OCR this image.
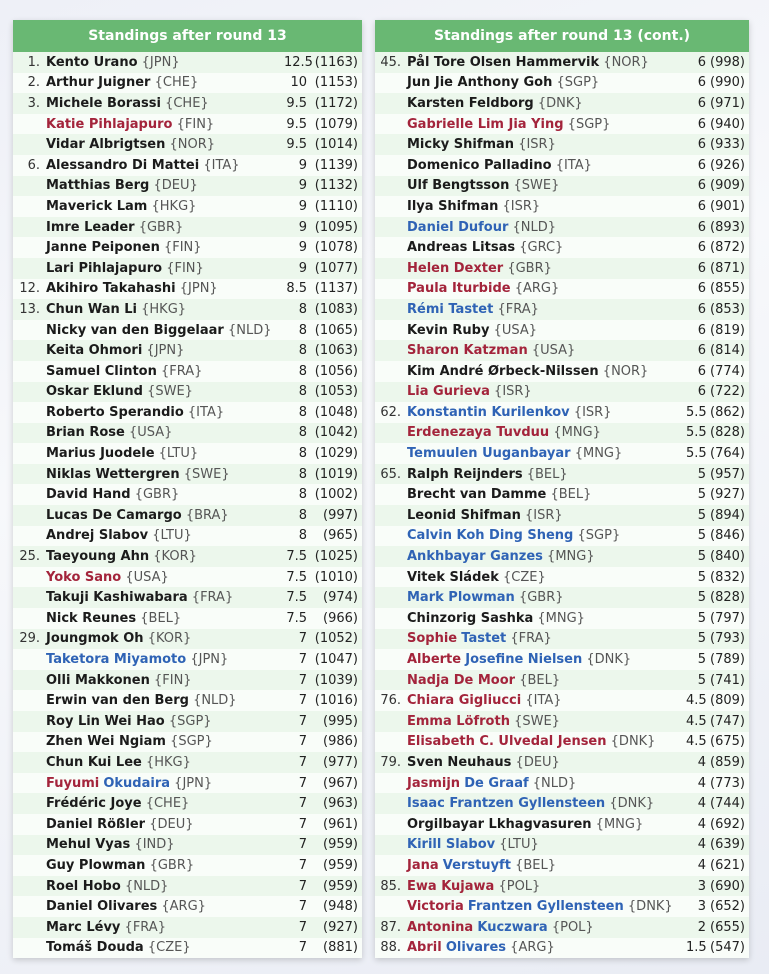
Standings after round 13
1.	Kento Urano {JPN}	12.5	(1163)
2.	Arthur Juigner {CHE}	10	(1153)
3.	Michele Borassi {CHE}	9.5	(1172)
	Katie Pihlajapuro {FIN}	9.5	(1079)
	Vidar Albrigtsen {NOR}	9.5	(1014)
6.	Alessandro Di Mattei {ITA}	9	(1139)
	Matthias Berg {DEU}	9	(1132)
	Maverick Lam {HKG}	9	(1110)
	Imre Leader {GBR}	9	(1095)
	Janne Peiponen {FIN}	9	(1078)
	Lari Pihlajapuro {FIN}	9	(1077)
12.	Akihiro Takahashi {JPN}	8.5	(1137)
13.	Chun Wan Li {HKG}	8	(1083)
	Nicky van den Biggelaar {NLD}	8	(1065)
	Keita Ohmori {JPN}	8	(1063)
	Samuel Clinton {FRA}	8	(1056)
	Oskar Eklund {SWE}	8	(1053)
	Roberto Sperandio {ITA}	8	(1048)
	Brian Rose {USA}	8	(1042)
	Marius Juodele {LTU}	8	(1029)
	Niklas Wettergren {SWE}	8	(1019)
	David Hand {GBR}	8	(1002)
	Lucas De Camargo {BRA}	8	(997)
	Andrej Slabov {LTU}	8	(965)
25.	Taeyoung Ahn {KOR}	7.5	(1025)
	Yoko Sano {USA}	7.5	(1010)
	Takuji Kashiwabara {FRA}	7.5	(974)
	Nick Reunes {BEL}	7.5	(966)
29.	Joungmok Oh {KOR}	7	(1052)
	Taketora Miyamoto {JPN}	7	(1047)
	Olli Makkonen {FIN}	7	(1039)
	Erwin van den Berg {NLD}	7	(1016)
	Roy Lin Wei Hao {SGP}	7	(995)
	Zhen Wei Ngiam {SGP}	7	(986)
	Chun Kui Lee {HKG}	7	(977)
	Fuyumi Okudaira {JPN}	7	(967)
	Frédéric Joye {CHE}	7	(963)
	Daniel Rößler {DEU}	7	(961)
	Mehul Vyas {IND}	7	(959)
	Guy Plowman {GBR}	7	(959)
	Roel Hobo {NLD}	7	(959)
	Daniel Olivares {ARG}	7	(948)
	Marc Lévy {FRA}	7	(927)
	Tomáš Douda {CZE}	7	(881)
Standings after round 13 (cont.)
45.	Pål Tore Olsen Hammervik {NOR}	6	(998)
	Jun Jie Anthony Goh {SGP}	6	(990)
	Karsten Feldborg {DNK}	6	(971)
	Gabrielle Lim Jia Ying {SGP}	6	(940)
	Micky Shifman {ISR}	6	(933)
	Domenico Palladino {ITA}	6	(926)
	Ulf Bengtsson {SWE}	6	(909)
	Ilya Shifman {ISR}	6	(901)
	Daniel Dufour {NLD}	6	(893)
	Andreas Litsas {GRC}	6	(872)
	Helen Dexter {GBR}	6	(871)
	Paula Iturbide {ARG}	6	(855)
	Rémi Tastet {FRA}	6	(853)
	Kevin Ruby {USA}	6	(819)
	Sharon Katzman {USA}	6	(814)
	Kim André Ørbeck-Nilssen {NOR}	6	(774)
	Lia Gurieva {ISR}	6	(722)
62.	Konstantin Kurilenkov {ISR}	5.5	(862)
	Erdenezaya Tuvduu {MNG}	5.5	(828)
	Temuulen Uuganbayar {MNG}	5.5	(764)
65.	Ralph Reijnders {BEL}	5	(957)
	Brecht van Damme {BEL}	5	(927)
	Leonid Shifman {ISR}	5	(894)
	Calvin Koh Ding Sheng {SGP}	5	(846)
	Ankhbayar Ganzes {MNG}	5	(840)
	Vitek Sládek {CZE}	5	(832)
	Mark Plowman {GBR}	5	(828)
	Chinzorig Sashka {MNG}	5	(797)
	Sophie Tastet {FRA}	5	(793)
	Alberte Josefine Nielsen {DNK}	5	(789)
	Nadja De Moor {BEL}	5	(741)
76.	Chiara Gigliucci {ITA}	4.5	(809)
	Emma Löfroth {SWE}	4.5	(747)
	Elisabeth C. Ulvedal Jensen {DNK}	4.5	(675)
79.	Sven Neuhaus {DEU}	4	(859)
	Jasmijn De Graaf {NLD}	4	(773)
	Isaac Frantzen Gyllensteen {DNK}	4	(744)
	Orgilbayar Lkhagvasuren {MNG}	4	(692)
	Kirill Slabov {LTU}	4	(639)
	Jana Verstuyft {BEL}	4	(621)
85.	Ewa Kujawa {POL}	3	(690)
	Victoria Frantzen Gyllensteen {DNK}	3	(652)
87.	Antonina Kuczwara {POL}	2	(655)
88.	Abril Olivares {ARG}	1.5	(547)
